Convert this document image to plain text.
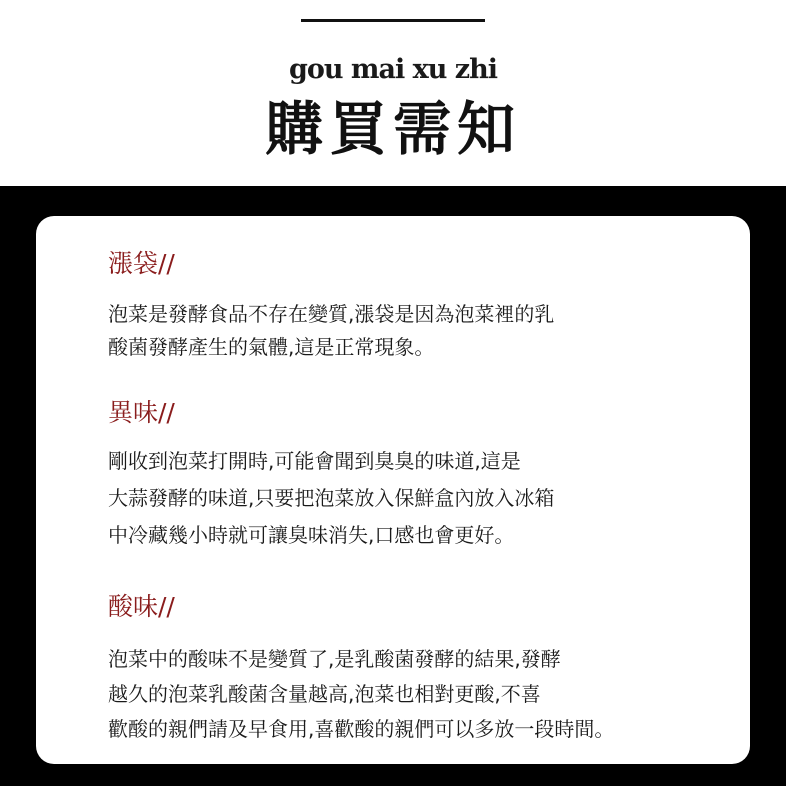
gou mai xu zhi
購買需知
漲袋//
泡菜是發酵食品不存在變質,漲袋是因為泡菜裡的乳
酸菌發酵產生的氣體,這是正常現象。
異味//
剛收到泡菜打開時,可能會聞到臭臭的味道,這是
大蒜發酵的味道,只要把泡菜放入保鮮盒內放入冰箱
中冷藏幾小時就可讓臭味消失,口感也會更好。
酸味//
泡菜中的酸味不是變質了,是乳酸菌發酵的結果,發酵
越久的泡菜乳酸菌含量越高,泡菜也相對更酸,不喜
歡酸的親們請及早食用,喜歡酸的親們可以多放一段時間。
